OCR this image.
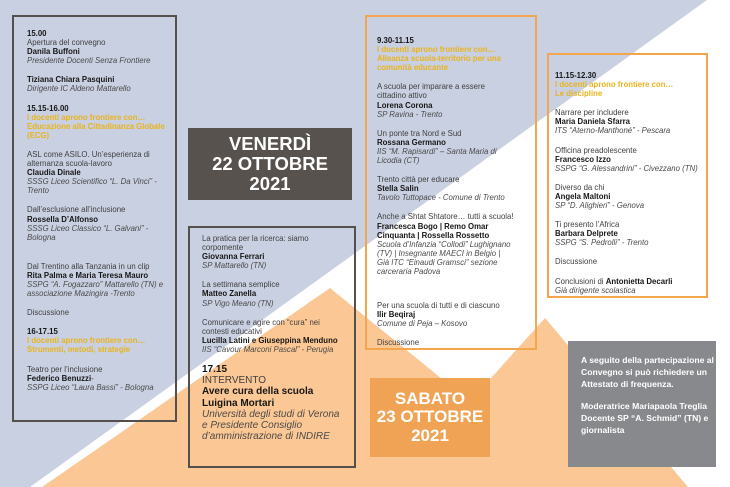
15.00
Apertura del convegno
Danila Buffoni
Presidente Docenti Senza Frontiere
Tiziana Chiara Pasquini
Dirigente IC Aldeno Mattarello
15.15-16.00
I docenti aprono frontiere con…
Educazione alla Cittadinanza Globale
(ECG)
ASL come ASILO. Un’esperienza di
alternanza scuola-lavoro
Claudia Dinale
SSSG Liceo Scientifico “L. Da Vinci” -
Trento
Dall’esclusione all’inclusione
Rossella D’Alfonso
SSSG Liceo Classico “L. Galvani” -
Bologna
Dal Trentino alla Tanzania in un clip
Rita Palma e Maria Teresa Mauro
SSPG “A. Fogazzaro” Mattarello (TN) e
associazione Mazingira -Trento
Discussione
16-17.15
I docenti aprono frontiere con…
Strumenti, metodi, strategie
Teatro per l’inclusione
Federico Benuzzi-
SSPG Liceo “Laura Bassi” - Bologna
VENERDÌ
22 OTTOBRE
2021
La pratica per la ricerca: siamo
corpomente
Giovanna Ferrari
SP Mattarello (TN)
La settimana semplice
Matteo Zanella
SP Vigo Meano (TN)
Comunicare e agire con “cura” nei
contesti educativi
Lucilla Latini e Giuseppina Menduno
IIS “Cavour Marconi Pascal” - Perugia
17.15
INTERVENTO
Avere cura della scuola
Luigina Mortari
Università degli studi di Verona
e Presidente Consiglio
d’amministrazione di INDIRE
9.30-11.15
I docenti aprono frontiere con…
Alleanza scuola-territorio per una
comunità educante
A scuola per imparare a essere
cittadino attivo
Lorena Corona
SP Ravina - Trento
Un ponte tra Nord e Sud
Rossana Germano
IIS “M. Rapisardi” – Santa Maria di
Licodia (CT)
Trento città per educare
Stella Salin
Tavolo Tuttopace - Comune di Trento
Anche a Shtat Shtatore… tutti a scuola!
Francesca Bogo | Remo Omar
Cinquanta | Rossella Rossetto
Scuola d’Infanzia “Collodi” Lughignano
(TV) | Insegnante MAECI in Belgio |
Già ITC “Einaudi Gramsci” sezione
carceraria Padova
Per una scuola di tutti e di ciascuno
Ilir Beqiraj
Comune di Peja – Kosovo
Discussione
11.15-12.30
I docenti aprono frontiere con…
Le discipline
Narrare per includere
Maria Daniela Sfarra
ITS “Aterno-Manthoné” - Pescara
Officina preadolescente
Francesco Izzo
SSPG “G. Alessandrini” - Civezzano (TN)
Diverso da chi
Angela Maltoni
SP “D. Alighieri” - Genova
Ti presento l’Africa
Barbara Delprete
SSPG “S. Pedrolli” - Trento
Discussione
Conclusioni di Antonietta Decarli
Già dirigente scolastica
SABATO
23 OTTOBRE
2021
A seguito della partecipazione al
Convegno si può richiedere un
Attestato di frequenza.
Moderatrice Mariapaola Treglia
Docente SP “A. Schmid” (TN) e
giornalista
